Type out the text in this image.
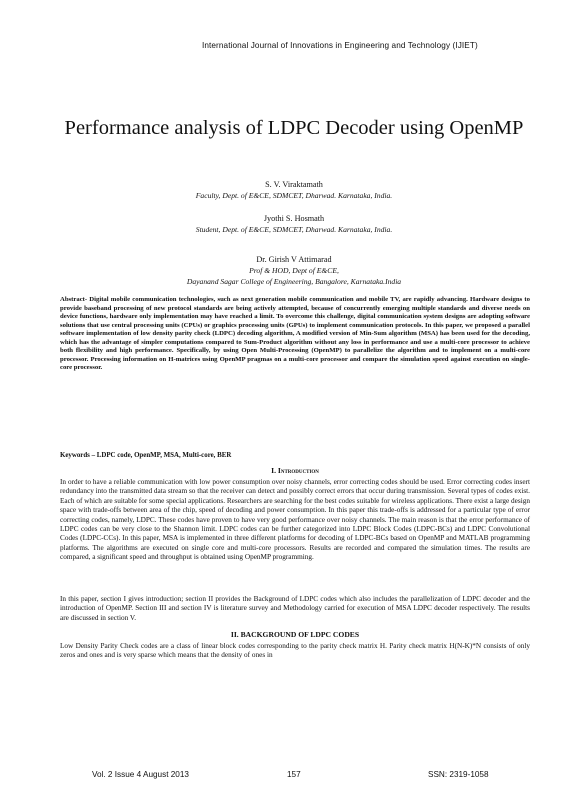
International Journal of Innovations in Engineering and Technology (IJIET)
Performance analysis of LDPC Decoder using OpenMP
S. V. Viraktamath
Faculty, Dept. of E&CE, SDMCET, Dharwad. Karnataka, India.
Jyothi S. Hosmath
Student, Dept. of E&CE, SDMCET, Dharwad. Karnataka, India.
Dr. Girish V Attimarad
Prof & HOD, Dept of E&CE,
Dayanand Sagar College of Engineering, Bangalore, Karnataka.India

Abstract- Digital mobile communication technologies, such as next generation mobile communication and mobile TV, are rapidly advancing. Hardware designs to provide baseband processing of new protocol standards are being actively attempted, because of concurrently emerging multiple standards and diverse needs on device functions, hardware only implementation may have reached a limit. To overcome this challenge, digital communication system designs are adopting software solutions that use central processing units (CPUs) or graphics processing units (GPUs) to implement communication protocols. In this paper, we proposed a parallel software implementation of low density parity check (LDPC) decoding algorithm, A modified version of Min-Sum algorithm (MSA) has been used for the decoding, which has the advantage of simpler computations compared to Sum-Product algorithm without any loss in performance and use a multi-core processor to achieve both flexibility and high performance. Specifically, by using Open Multi-Processing (OpenMP) to parallelize the algorithm and to implement on a multi-core processor. Processing information on H-matrices using OpenMP pragmas on a multi-core processor and compare the simulation speed against execution on single-core processor.

Keywords – LDPC code, OpenMP, MSA, Multi-core, BER

I. Introduction

In order to have a reliable communication with low power consumption over noisy channels, error correcting codes should be used. Error correcting codes insert redundancy into the transmitted data stream so that the receiver can detect and possibly correct errors that occur during transmission. Several types of codes exist. Each of which are suitable for some special applications. Researchers are searching for the best codes suitable for wireless applications. There exist a large design space with trade-offs between area of the chip, speed of decoding and power consumption. In this paper this trade-offs is addressed for a particular type of error correcting codes, namely, LDPC. These codes have proven to have very good performance over noisy channels. The main reason is that the error performance of LDPC codes can be very close to the Shannon limit. LDPC codes can be further categorized into LDPC Block Codes (LDPC-BCs) and LDPC Convolutional Codes (LDPC-CCs). In this paper, MSA is implemented in three different platforms for decoding of LDPC-BCs based on OpenMP and MATLAB programming platforms. The algorithms are executed on single core and multi-core processors. Results are recorded and compared the simulation times. The results are compared, a significant speed and throughput is obtained using OpenMP programming.

In this paper, section I gives introduction; section II provides the Background of LDPC codes which also includes the parallelization of LDPC decoder and the introduction of OpenMP. Section III and section IV is literature survey and Methodology carried for execution of MSA LDPC decoder respectively. The results are discussed in section V.

II. BACKGROUND OF LDPC CODES

Low Density Parity Check codes are a class of linear block codes corresponding to the parity check matrix H. Parity check matrix H(N-K)*N consists of only zeros and ones and is very sparse which means that the density of ones in

Vol. 2 Issue 4 August 2013	157	SSN: 2319-1058
